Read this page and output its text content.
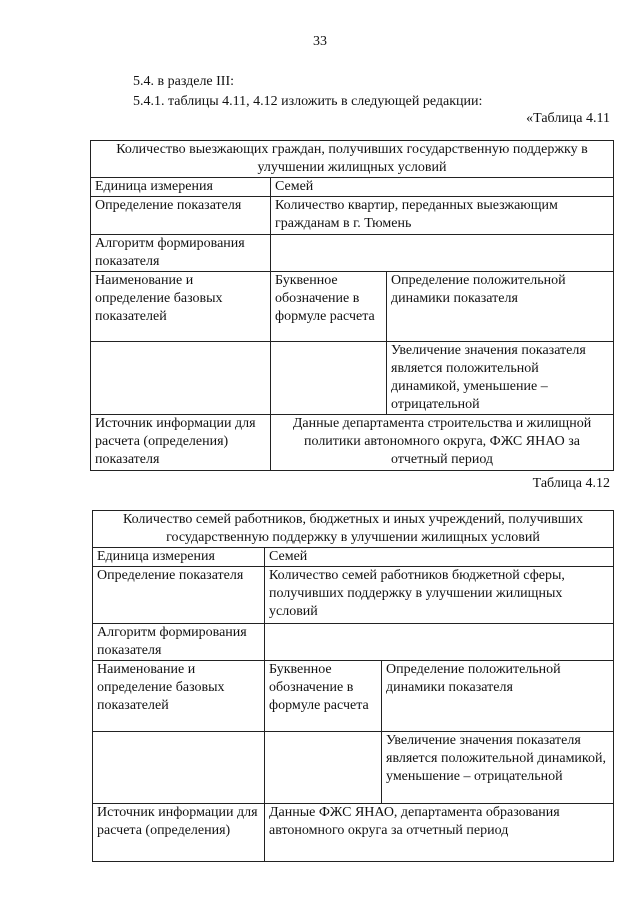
33
5.4. в разделе III:
5.4.1. таблицы 4.11, 4.12 изложить в следующей редакции:
«Таблица 4.11
Количество выезжающих граждан, получивших государственную поддержку в улучшении жилищных условий		
Единица измерения	Семей	
Определение показателя	Количество квартир, переданных выезжающим гражданам в г. Тюмень	
Алгоритм формирования показателя		
Наименование и определение базовых показателей	Буквенное обозначение в формуле расчета	Определение положительной динамики показателя
		Увеличение значения показателя является положительной динамикой, уменьшение – отрицательной
Источник информации для расчета (определения) показателя	Данные департамента строительства и жилищной политики автономного округа, ФЖС ЯНАО за отчетный период	
Таблица 4.12
Количество семей работников, бюджетных и иных учреждений, получивших государственную поддержку в улучшении жилищных условий		
Единица измерения	Семей	
Определение показателя	Количество семей работников бюджетной сферы, получивших поддержку в улучшении жилищных условий	
Алгоритм формирования показателя		
Наименование и определение базовых показателей	Буквенное обозначение в формуле расчета	Определение положительной динамики показателя
		Увеличение значения показателя является положительной динамикой, уменьшение – отрицательной
Источник информации для расчета (определения)	Данные ФЖС ЯНАО, департамента образования автономного округа за отчетный период	
